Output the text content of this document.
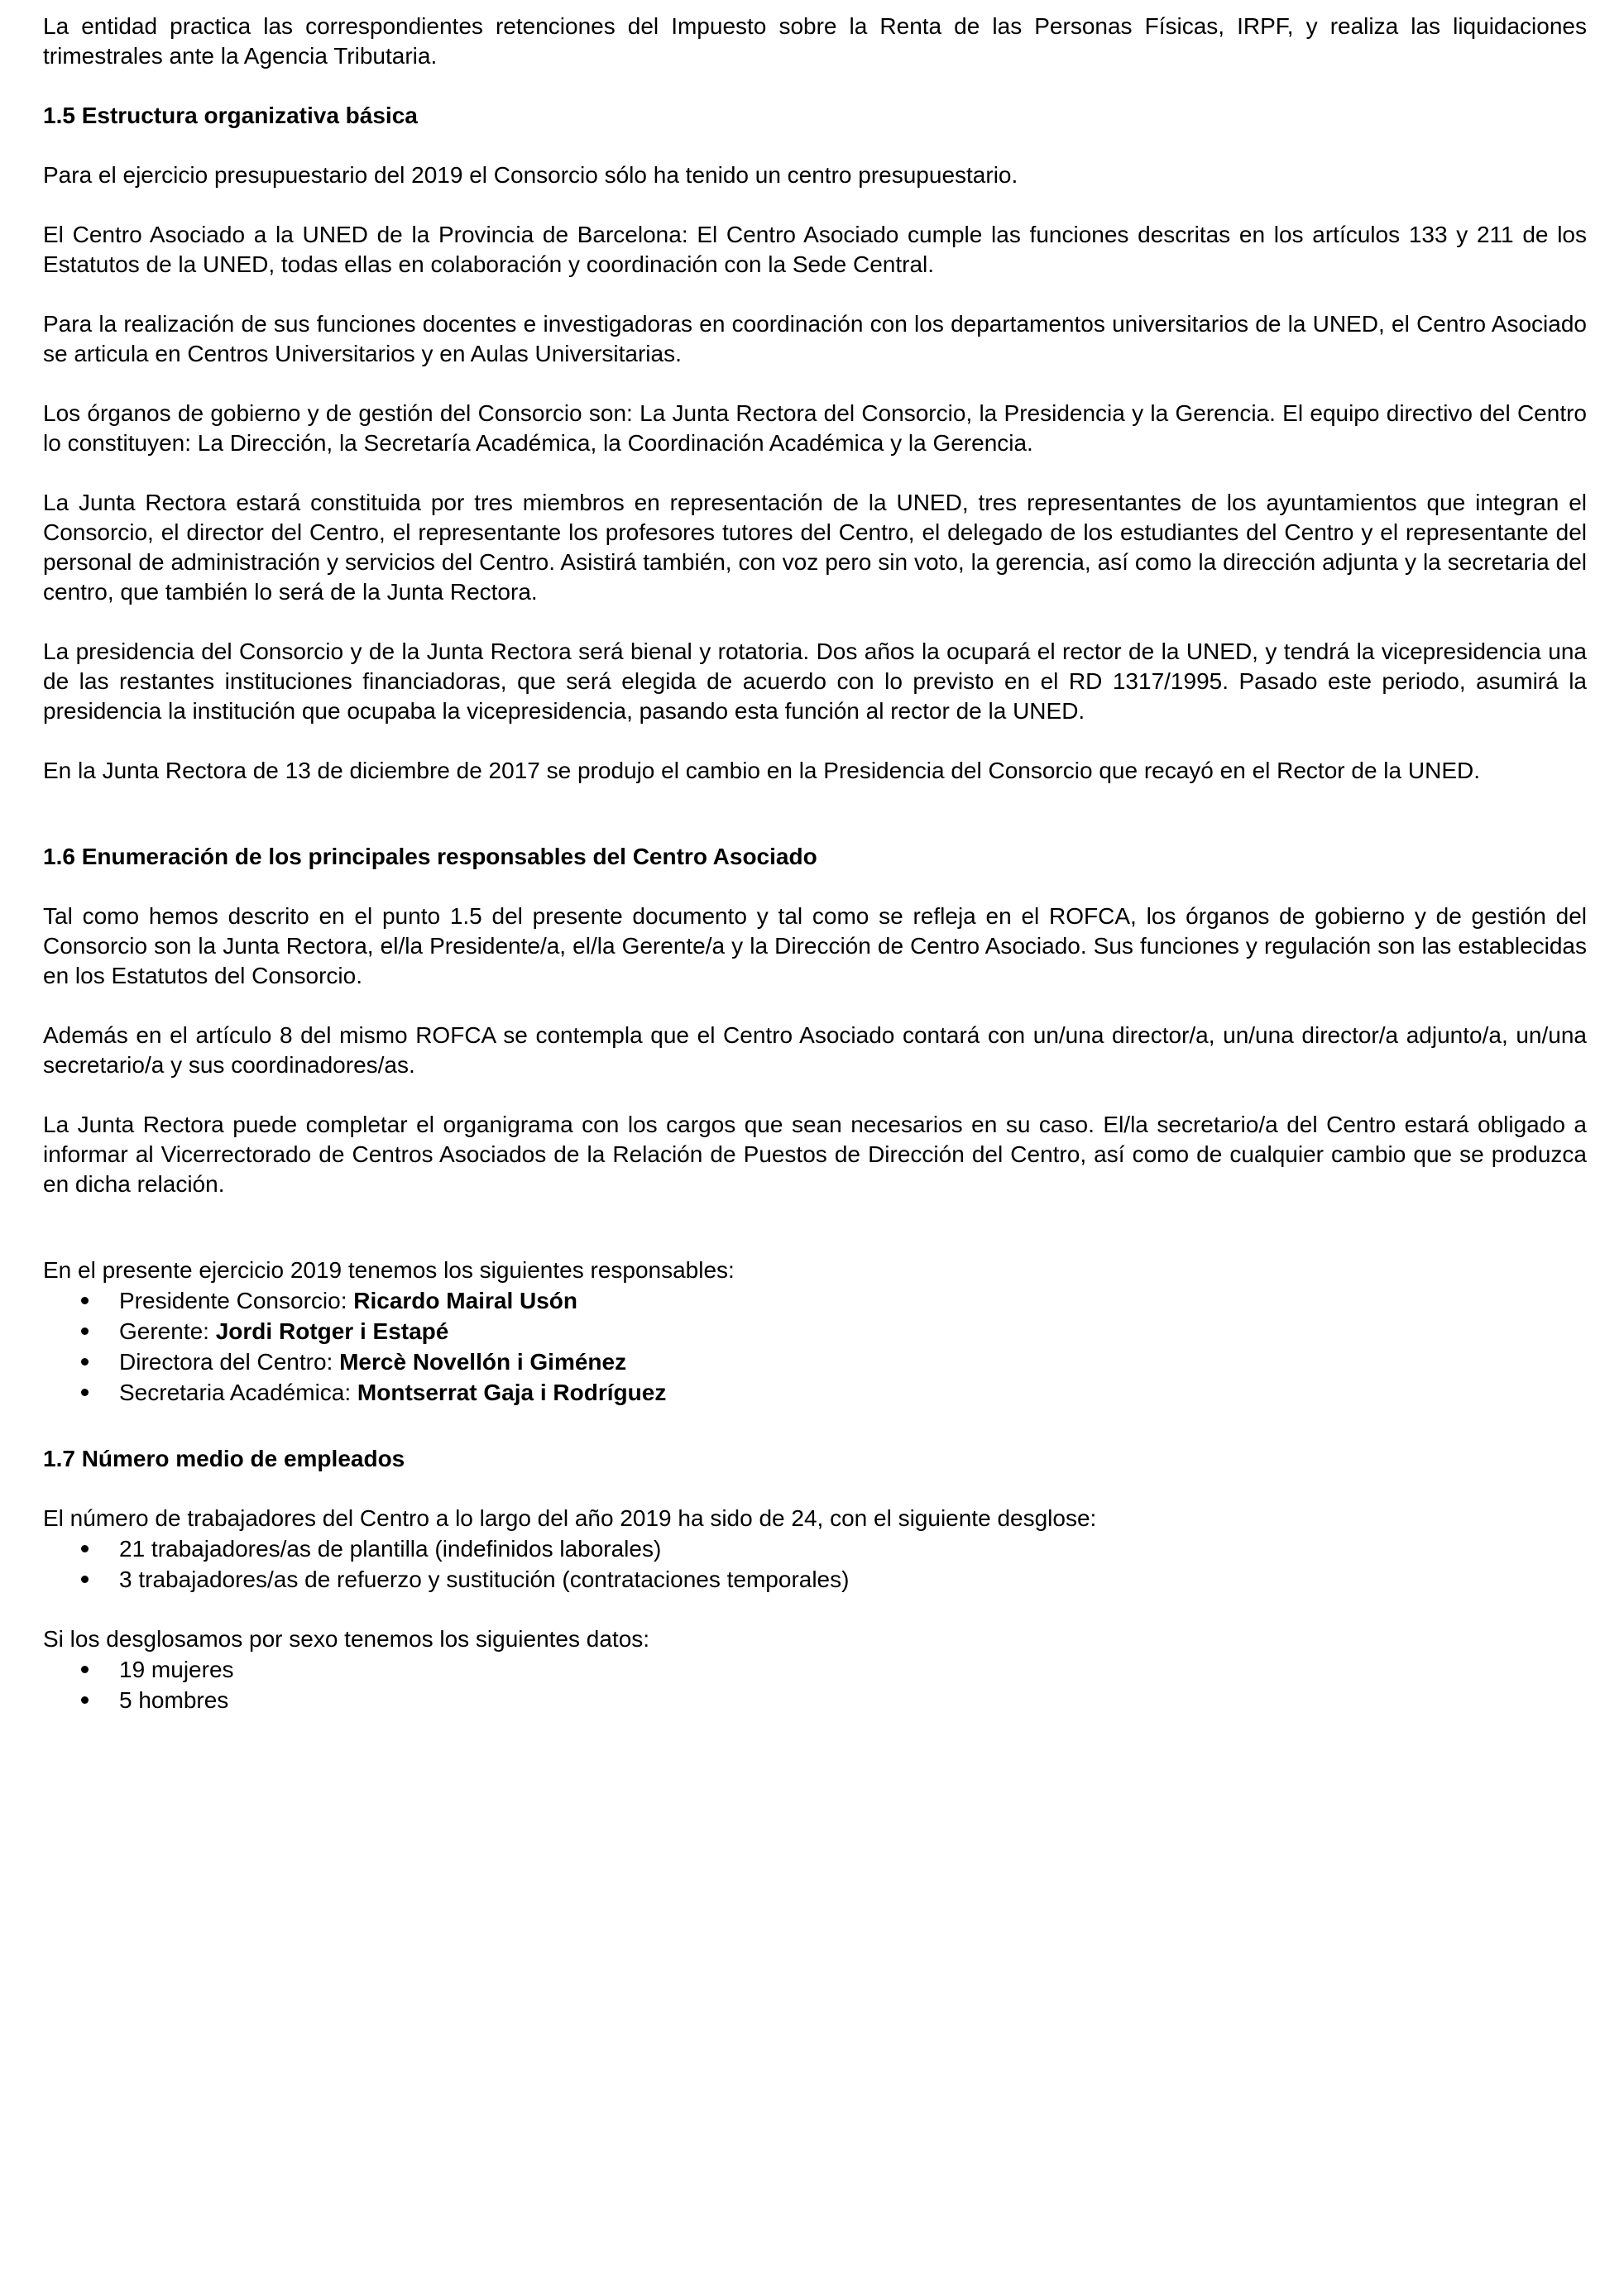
La entidad practica las correspondientes retenciones del Impuesto sobre la Renta de las Personas Físicas, IRPF, y realiza las liquidaciones trimestrales ante la Agencia Tributaria.

1.5 Estructura organizativa básica

Para el ejercicio presupuestario del 2019 el Consorcio sólo ha tenido un centro presupuestario.

El Centro Asociado a la UNED de la Provincia de Barcelona: El Centro Asociado cumple las funciones descritas en los artículos 133 y 211 de los Estatutos de la UNED, todas ellas en colaboración y coordinación con la Sede Central.

Para la realización de sus funciones docentes e investigadoras en coordinación con los departamentos universitarios de la UNED, el Centro Asociado se articula en Centros Universitarios y en Aulas Universitarias.

Los órganos de gobierno y de gestión del Consorcio son: La Junta Rectora del Consorcio, la Presidencia y la Gerencia. El equipo directivo del Centro lo constituyen: La Dirección, la Secretaría Académica, la Coordinación Académica y la Gerencia.

La Junta Rectora estará constituida por tres miembros en representación de la UNED, tres representantes de los ayuntamientos que integran el Consorcio, el director del Centro, el representante los profesores tutores del Centro, el delegado de los estudiantes del Centro y el representante del personal de administración y servicios del Centro. Asistirá también, con voz pero sin voto, la gerencia, así como la dirección adjunta y la secretaria del centro, que también lo será de la Junta Rectora.

La presidencia del Consorcio y de la Junta Rectora será bienal y rotatoria. Dos años la ocupará el rector de la UNED, y tendrá la vicepresidencia una de las restantes instituciones financiadoras, que será elegida de acuerdo con lo previsto en el RD 1317/1995. Pasado este periodo, asumirá la presidencia la institución que ocupaba la vicepresidencia, pasando esta función al rector de la UNED.

En la Junta Rectora de 13 de diciembre de 2017 se produjo el cambio en la Presidencia del Consorcio que recayó en el Rector de la UNED.

1.6 Enumeración de los principales responsables del Centro Asociado

Tal como hemos descrito en el punto 1.5 del presente documento y tal como se refleja en el ROFCA, los órganos de gobierno y de gestión del Consorcio son la Junta Rectora, el/la Presidente/a, el/la Gerente/a y la Dirección de Centro Asociado. Sus funciones y regulación son las establecidas en los Estatutos del Consorcio.

Además en el artículo 8 del mismo ROFCA se contempla que el Centro Asociado contará con un/una director/a, un/una director/a adjunto/a, un/una secretario/a y sus coordinadores/as.

La Junta Rectora puede completar el organigrama con los cargos que sean necesarios en su caso. El/la secretario/a del Centro estará obligado a informar al Vicerrectorado de Centros Asociados de la Relación de Puestos de Dirección del Centro, así como de cualquier cambio que se produzca en dicha relación.

En el presente ejercicio 2019 tenemos los siguientes responsables:

Presidente Consorcio: Ricardo Mairal Usón
Gerente: Jordi Rotger i Estapé
Directora del Centro: Mercè Novellón i Giménez
Secretaria Académica: Montserrat Gaja i Rodríguez
1.7 Número medio de empleados

El número de trabajadores del Centro a lo largo del año 2019 ha sido de 24, con el siguiente desglose:

21 trabajadores/as de plantilla (indefinidos laborales)
3 trabajadores/as de refuerzo y sustitución (contrataciones temporales)

Si los desglosamos por sexo tenemos los siguientes datos:

19 mujeres
5 hombres
